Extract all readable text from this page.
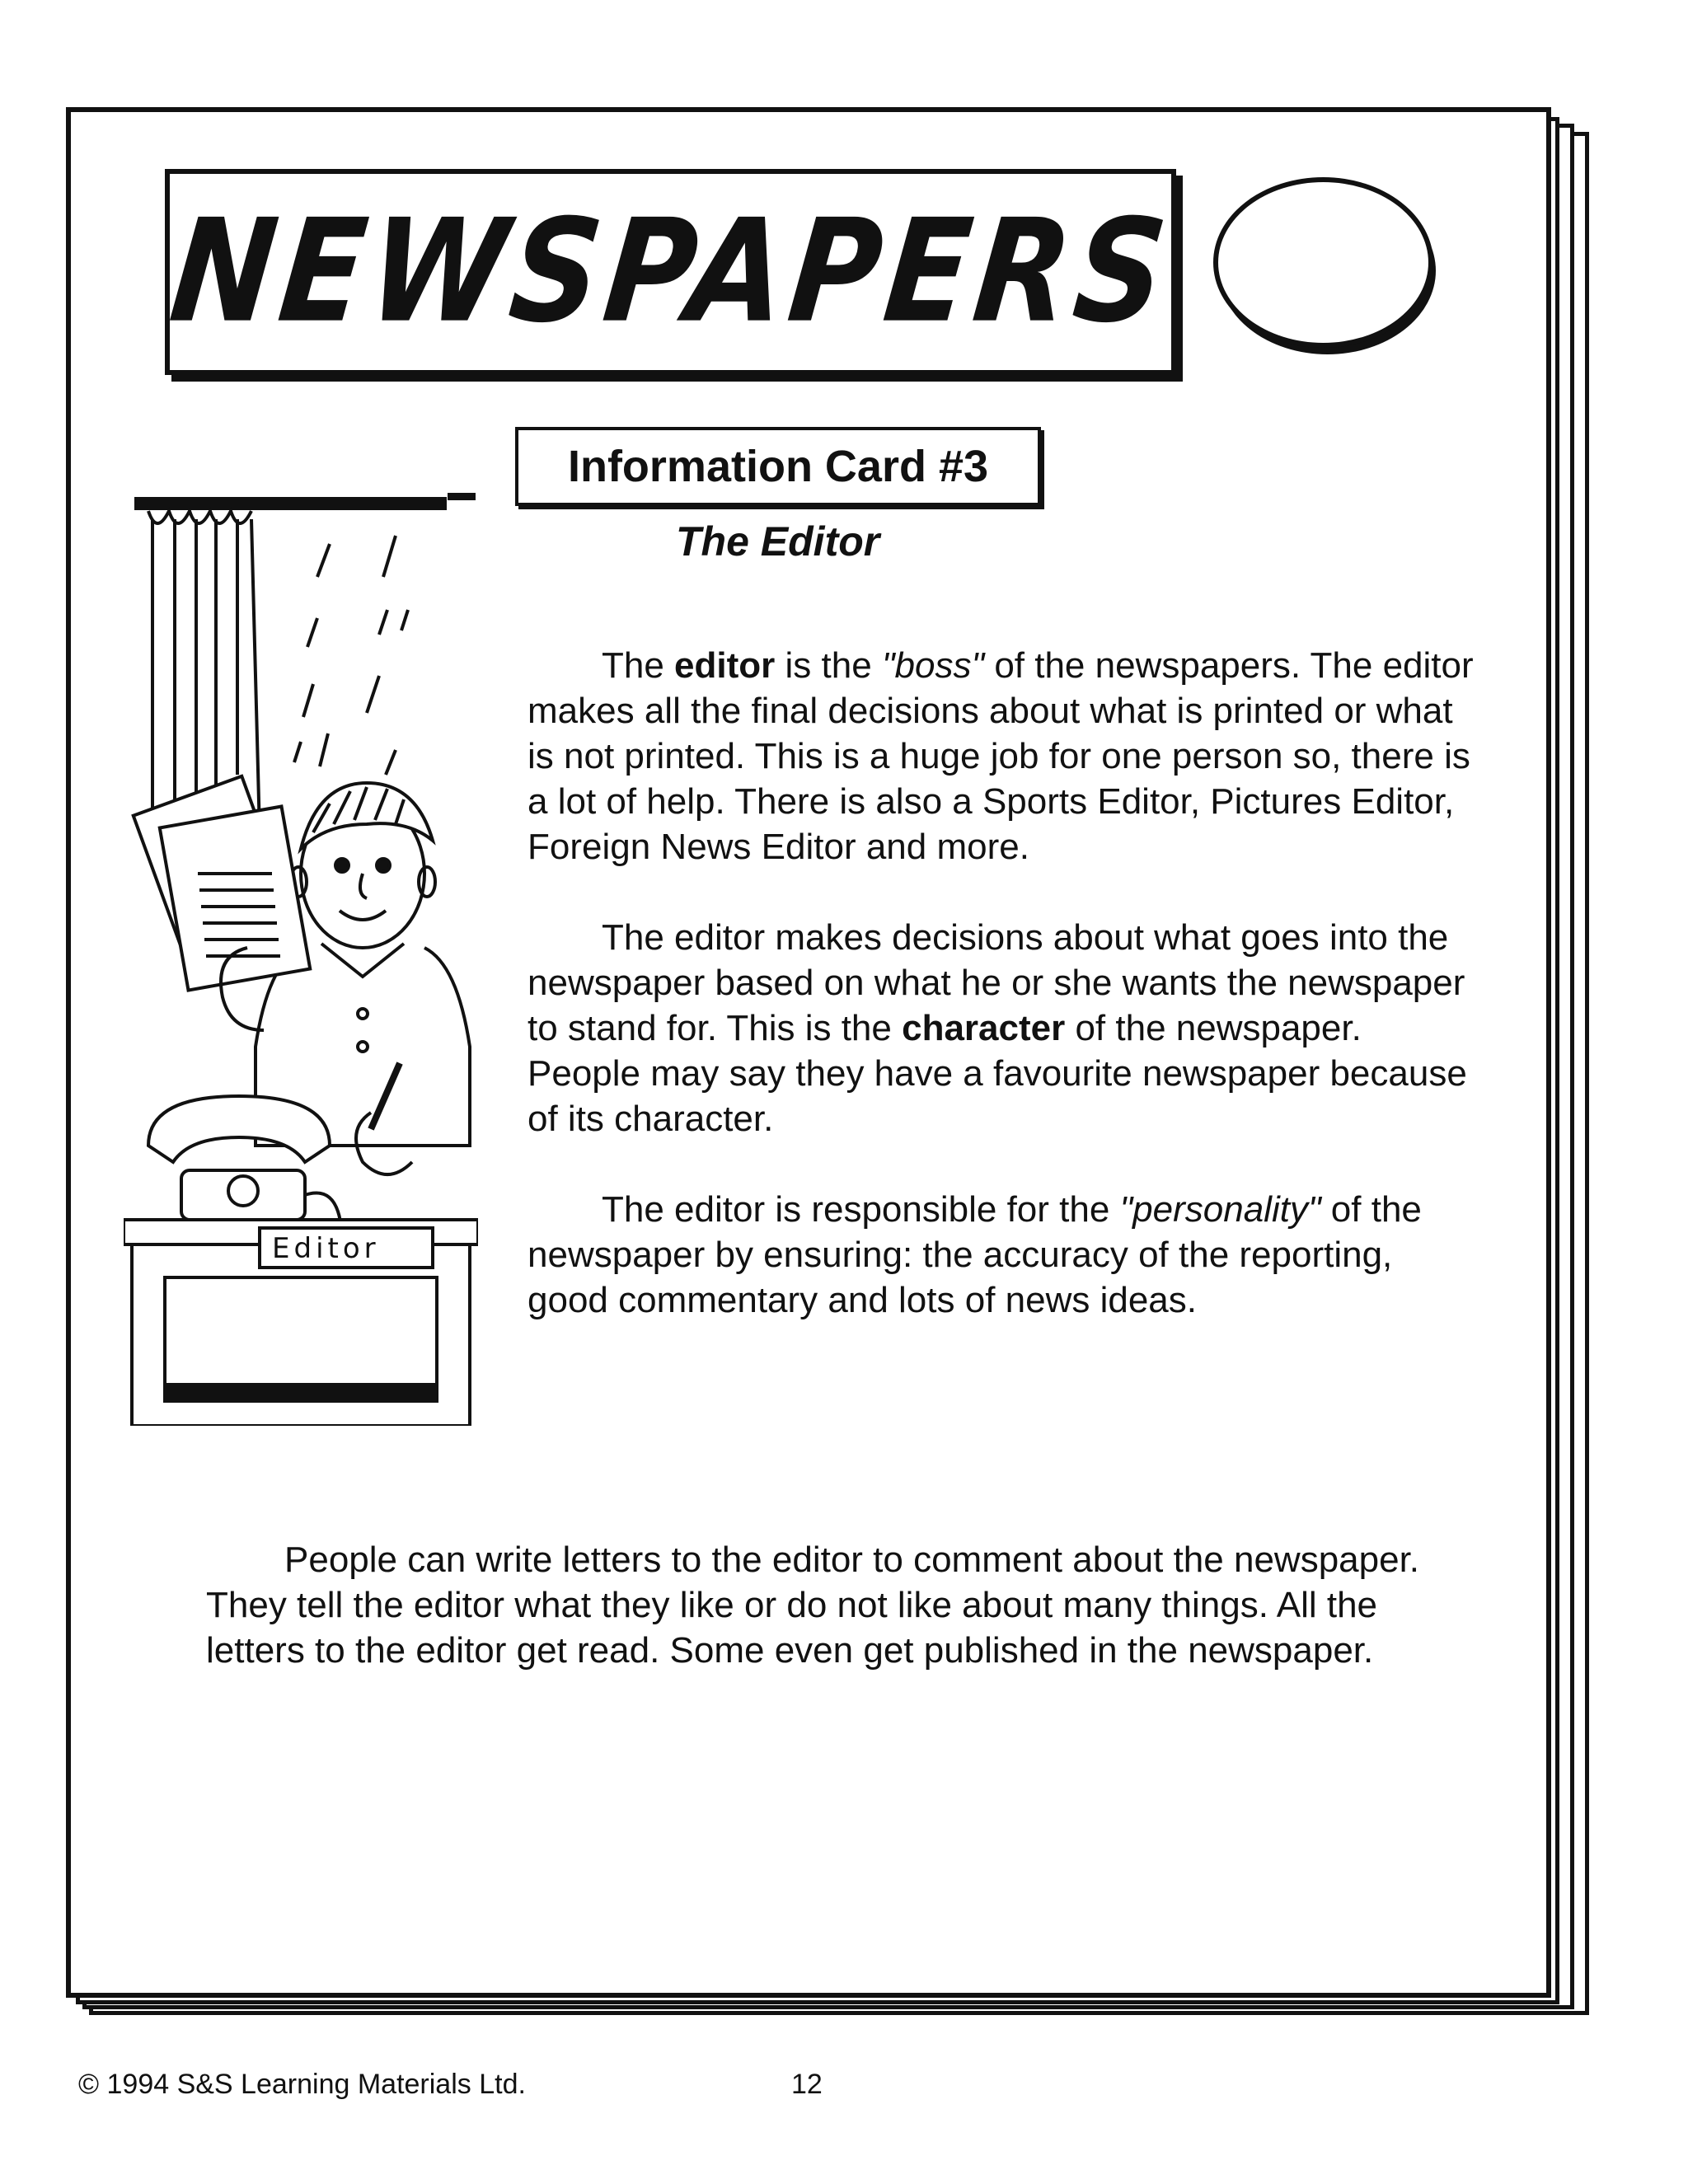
NEWSPAPERS
Information Card #3
The Editor
Editor

The editor is the "boss" of the newspapers. The editor makes all the final decisions about what is printed or what is not printed. This is a huge job for one person so, there is a lot of help. There is also a Sports Editor, Pictures Editor, Foreign News Editor and more.

The editor makes decisions about what goes into the newspaper based on what he or she wants the newspaper to stand for. This is the character of the newspaper. People may say they have a favourite newspaper because of its character.

The editor is responsible for the "personality" of the newspaper by ensuring: the accuracy of the reporting, good commentary and lots of news ideas.

People can write letters to the editor to comment about the newspaper. They tell the editor what they like or do not like about many things. All the letters to the editor get read. Some even get published in the newspaper.

© 1994 S&S Learning Materials Ltd.	12
